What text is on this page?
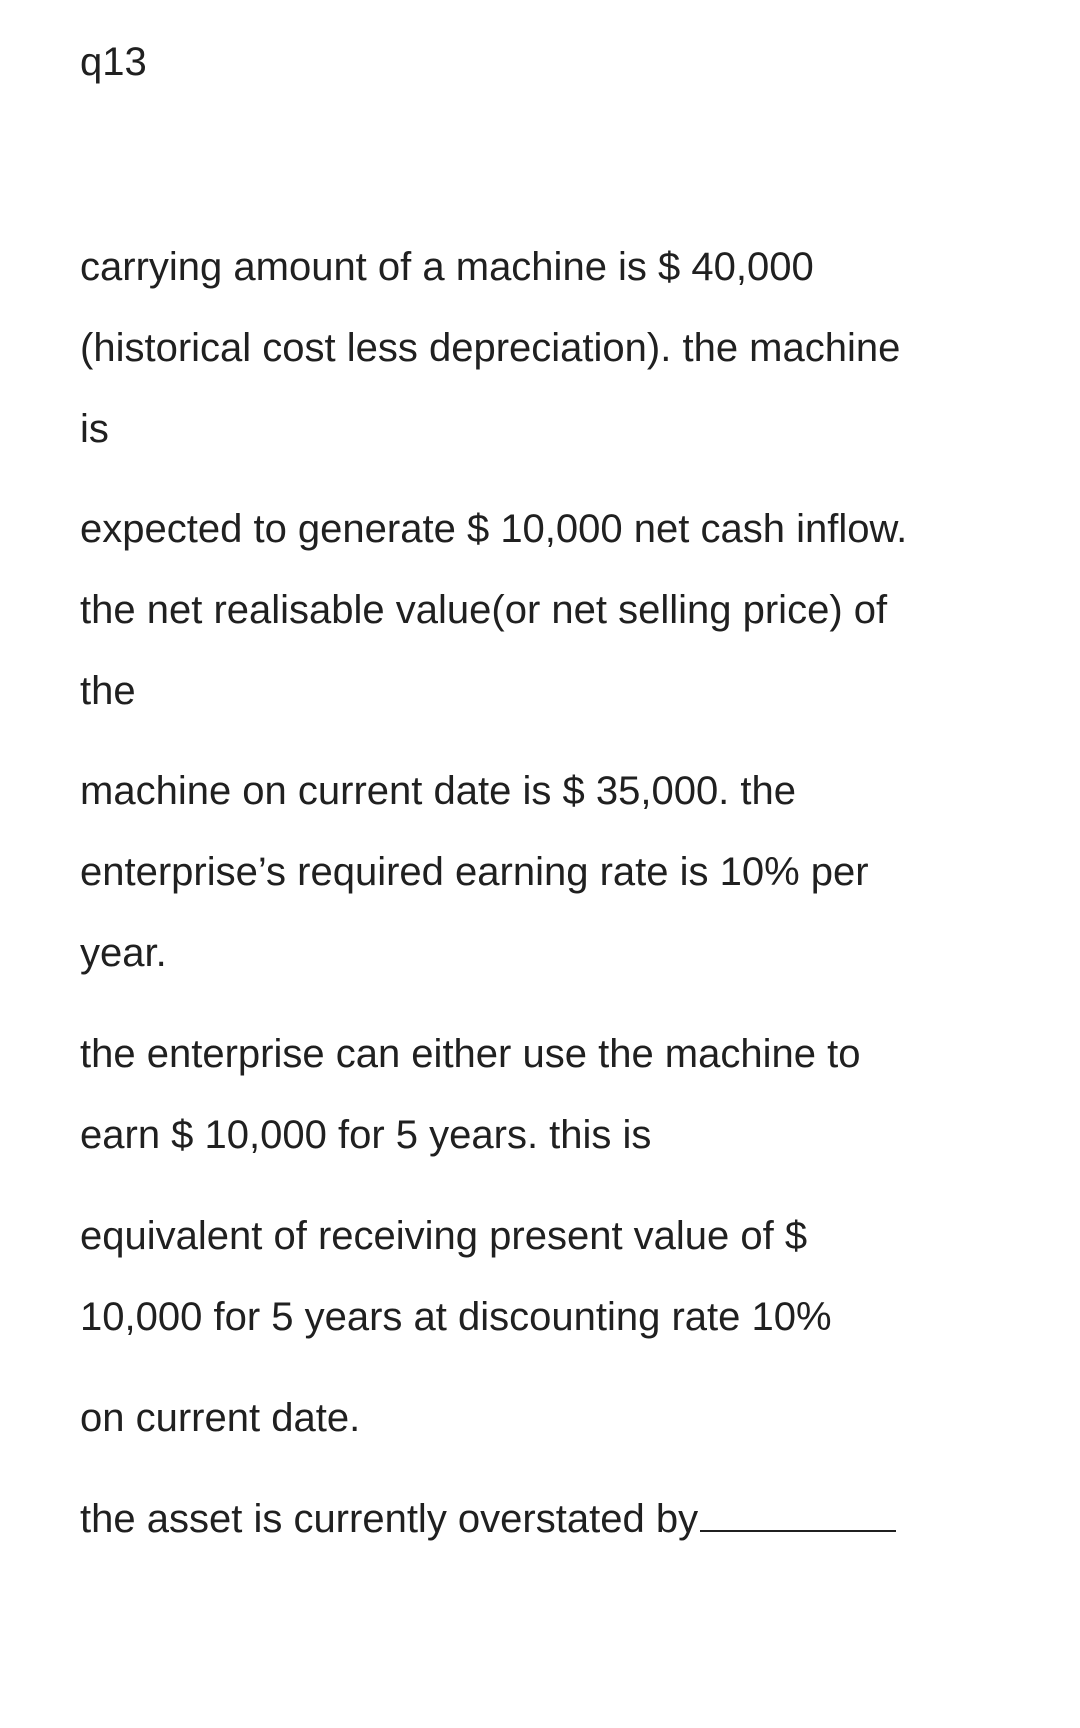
q13

carrying amount of a machine is $ 40,000

(historical cost less depreciation). the machine

is

expected to generate $ 10,000 net cash inflow.

the net realisable value(or net selling price) of

the

machine on current date is $ 35,000. the

enterprise’s required earning rate is 10% per

year.

the enterprise can either use the machine to

earn $ 10,000 for 5 years. this is

equivalent of receiving present value of $

10,000 for 5 years at discounting rate 10%

on current date.

the asset is currently overstated by
